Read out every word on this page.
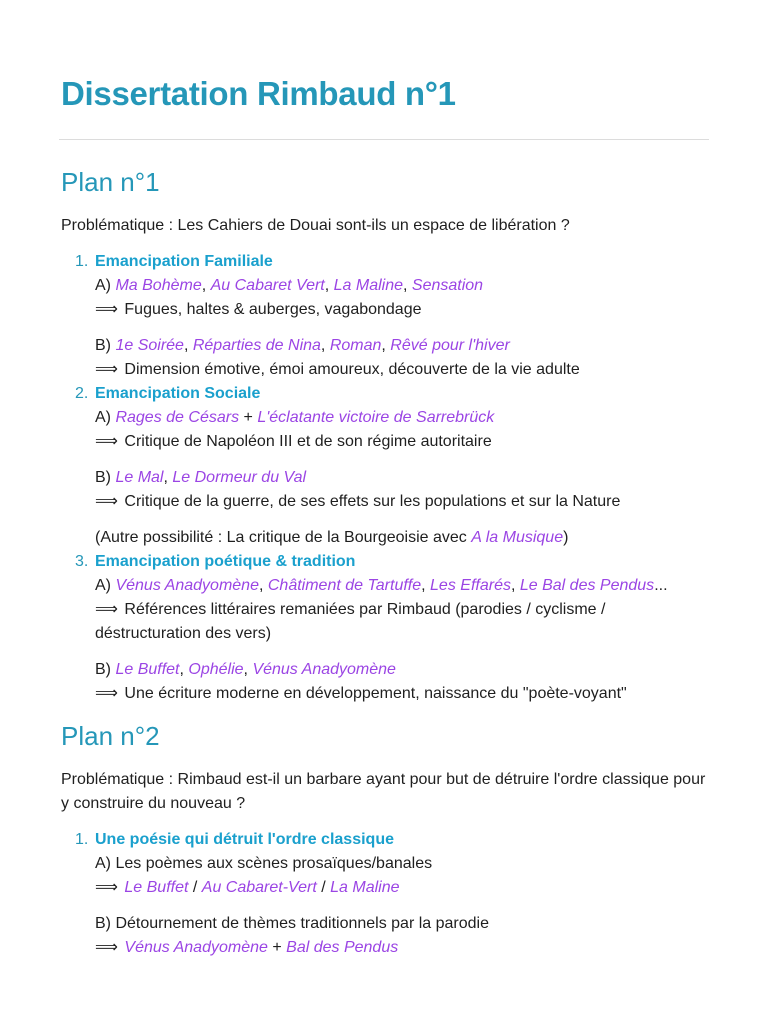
Dissertation Rimbaud n°1
Plan n°1

Problématique : Les Cahiers de Douai sont-ils un espace de libération ?

1. Emancipation Familiale
A) Ma Bohème, Au Cabaret Vert, La Maline, Sensation
⟹ Fugues, haltes & auberges, vagabondage
B) 1e Soirée, Réparties de Nina, Roman, Rêvé pour l'hiver
⟹ Dimension émotive, émoi amoureux, découverte de la vie adulte
2. Emancipation Sociale
A) Rages de Césars + L'éclatante victoire de Sarrebrück
⟹ Critique de Napoléon III et de son régime autoritaire
B) Le Mal, Le Dormeur du Val
⟹ Critique de la guerre, de ses effets sur les populations et sur la Nature
(Autre possibilité : La critique de la Bourgeoisie avec A la Musique)
3. Emancipation poétique & tradition
A) Vénus Anadyomène, Châtiment de Tartuffe, Les Effarés, Le Bal des Pendus...
⟹ Références littéraires remaniées par Rimbaud (parodies / cyclisme / déstructuration des vers)
B) Le Buffet, Ophélie, Vénus Anadyomène
⟹ Une écriture moderne en développement, naissance du "poète-voyant"
Plan n°2

Problématique : Rimbaud est-il un barbare ayant pour but de détruire l'ordre classique pour y construire du nouveau ?

1. Une poésie qui détruit l'ordre classique
A) Les poèmes aux scènes prosaïques/banales
⟹ Le Buffet / Au Cabaret-Vert / La Maline
B) Détournement de thèmes traditionnels par la parodie
⟹ Vénus Anadyomène + Bal des Pendus
